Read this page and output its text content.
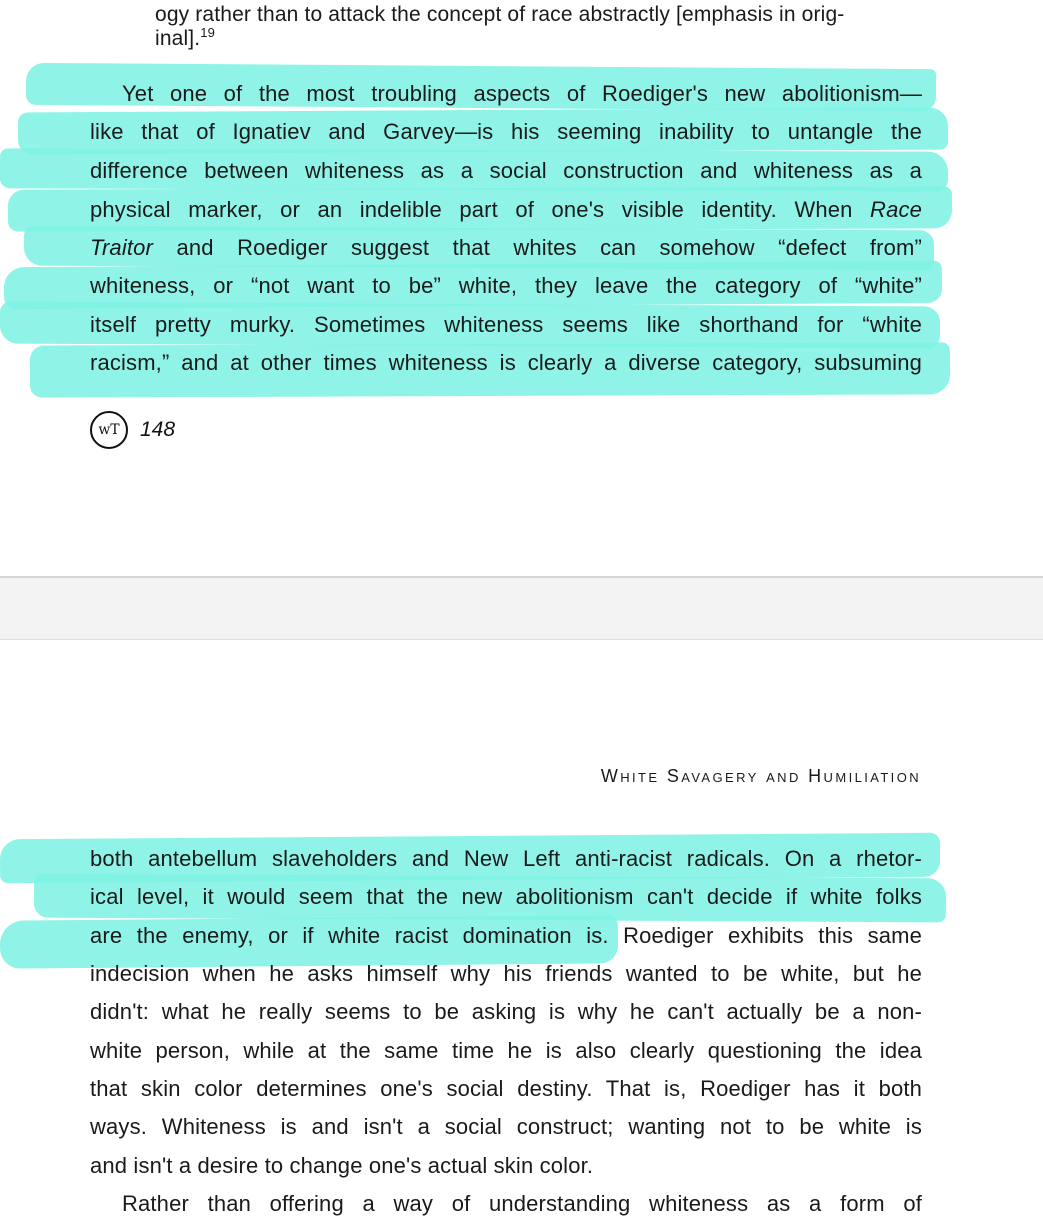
ogy rather than to attack the concept of race abstractly [emphasis in orig-
inal].$^{19}$
Yet one of the most troubling aspects of Roediger's new abolitionism—
like that of Ignatiev and Garvey—is his seeming inability to untangle the
difference between whiteness as a social construction and whiteness as a
physical marker, or an indelible part of one's visible identity. When Race
Traitor and Roediger suggest that whites can somehow “defect from”
whiteness, or “not want to be” white, they leave the category of “white”
itself pretty murky. Sometimes whiteness seems like shorthand for “white
racism,” and at other times whiteness is clearly a diverse category, subsuming
wT 148
White Savagery and Humiliation
both antebellum slaveholders and New Left anti-racist radicals. On a rhetor-
ical level, it would seem that the new abolitionism can't decide if white folks
are the enemy, or if white racist domination is. Roediger exhibits this same
indecision when he asks himself why his friends wanted to be white, but he
didn't: what he really seems to be asking is why he can't actually be a non-
white person, while at the same time he is also clearly questioning the idea
that skin color determines one's social destiny. That is, Roediger has it both
ways. Whiteness is and isn't a social construct; wanting not to be white is
and isn't a desire to change one's actual skin color.
Rather than offering a way of understanding whiteness as a form of
